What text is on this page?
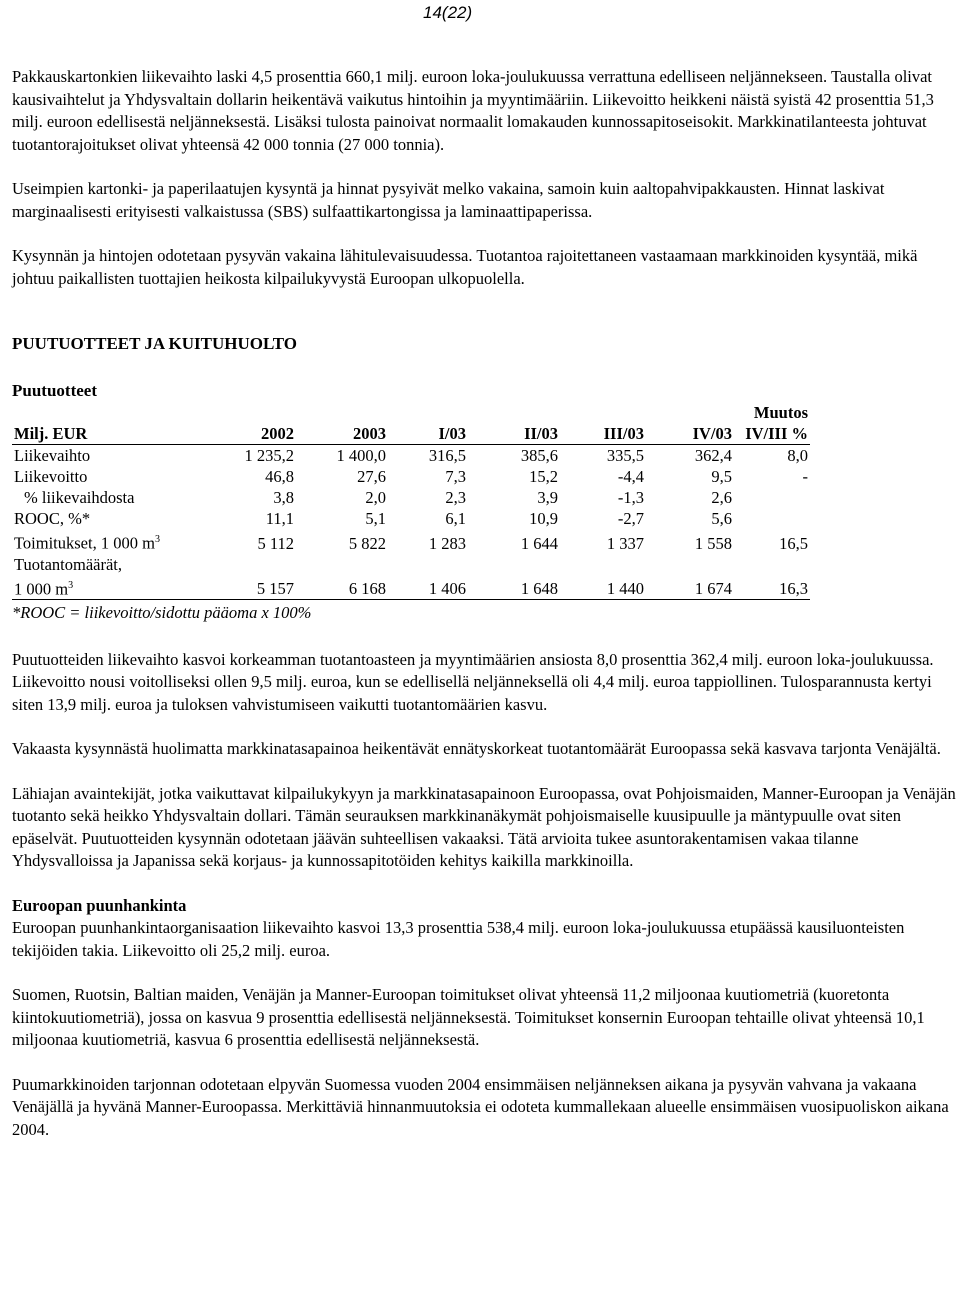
14(22)

Pakkauskartonkien liikevaihto laski 4,5 prosenttia 660,1 milj. euroon loka-joulukuussa verrattuna edelliseen neljännekseen. Taustalla olivat kausivaihtelut ja Yhdysvaltain dollarin heikentävä vaikutus hintoihin ja myyntimääriin. Liikevoitto heikkeni näistä syistä 42 prosenttia 51,3 milj. euroon edellisestä neljänneksestä. Lisäksi tulosta painoivat normaalit lomakauden kunnossapitoseisokit. Markkinatilanteesta johtuvat tuotantorajoitukset olivat yhteensä 42 000 tonnia (27 000 tonnia).

Useimpien kartonki- ja paperilaatujen kysyntä ja hinnat pysyivät melko vakaina, samoin kuin aaltopahvipakkausten. Hinnat laskivat marginaalisesti erityisesti valkaistussa (SBS) sulfaattikartongissa ja laminaattipaperissa.

Kysynnän ja hintojen odotetaan pysyvän vakaina lähitulevaisuudessa. Tuotantoa rajoitettaneen vastaamaan markkinoiden kysyntää, mikä johtuu paikallisten tuottajien heikosta kilpailukyvystä Euroopan ulkopuolella.

PUUTUOTTEET JA KUITUHUOLTO

Puutuotteet

							Muutos
Milj. EUR	2002	2003	I/03	II/03	III/03	IV/03	IV/III %
Liikevaihto	1 235,2	1 400,0	316,5	385,6	335,5	362,4	8,0
Liikevoitto	46,8	27,6	7,3	15,2	-4,4	9,5	-
% liikevaihdosta	3,8	2,0	2,3	3,9	-1,3	2,6	
ROOC, %*	11,1	5,1	6,1	10,9	-2,7	5,6	
Toimitukset, 1 000 $m^3$	5 112	5 822	1 283	1 644	1 337	1 558	16,5
Tuotantomäärät,							
1 000 $m^3$	5 157	6 168	1 406	1 648	1 440	1 674	16,3

*ROOC = liikevoitto/sidottu pääoma x 100%

Puutuotteiden liikevaihto kasvoi korkeamman tuotantoasteen ja myyntimäärien ansiosta 8,0 prosenttia 362,4 milj. euroon loka-joulukuussa. Liikevoitto nousi voitolliseksi ollen 9,5 milj. euroa, kun se edellisellä neljänneksellä oli 4,4 milj. euroa tappiollinen. Tulosparannusta kertyi siten 13,9 milj. euroa ja tuloksen vahvistumiseen vaikutti tuotantomäärien kasvu.

Vakaasta kysynnästä huolimatta markkinatasapainoa heikentävät ennätyskorkeat tuotantomäärät Euroopassa sekä kasvava tarjonta Venäjältä.

Lähiajan avaintekijät, jotka vaikuttavat kilpailukykyyn ja markkinatasapainoon Euroopassa, ovat Pohjoismaiden, Manner-Euroopan ja Venäjän tuotanto sekä heikko Yhdysvaltain dollari. Tämän seurauksen markkinanäkymät pohjoismaiselle kuusipuulle ja mäntypuulle ovat siten epäselvät. Puutuotteiden kysynnän odotetaan jäävän suhteellisen vakaaksi. Tätä arvioita tukee asuntorakentamisen vakaa tilanne Yhdysvalloissa ja Japanissa sekä korjaus- ja kunnossapitotöiden kehitys kaikilla markkinoilla.

Euroopan puunhankinta

Euroopan puunhankintaorganisaation liikevaihto kasvoi 13,3 prosenttia 538,4 milj. euroon loka-joulukuussa etupäässä kausiluonteisten tekijöiden takia. Liikevoitto oli 25,2 milj. euroa.

Suomen, Ruotsin, Baltian maiden, Venäjän ja Manner-Euroopan toimitukset olivat yhteensä 11,2 miljoonaa kuutiometriä (kuoretonta kiintokuutiometriä), jossa on kasvua 9 prosenttia edellisestä neljänneksestä. Toimitukset konsernin Euroopan tehtaille olivat yhteensä 10,1 miljoonaa kuutiometriä, kasvua 6 prosenttia edellisestä neljänneksestä.

Puumarkkinoiden tarjonnan odotetaan elpyvän Suomessa vuoden 2004 ensimmäisen neljänneksen aikana ja pysyvän vahvana ja vakaana Venäjällä ja hyvänä Manner-Euroopassa. Merkittäviä hinnanmuutoksia ei odoteta kummallekaan alueelle ensimmäisen vuosipuoliskon aikana 2004.
